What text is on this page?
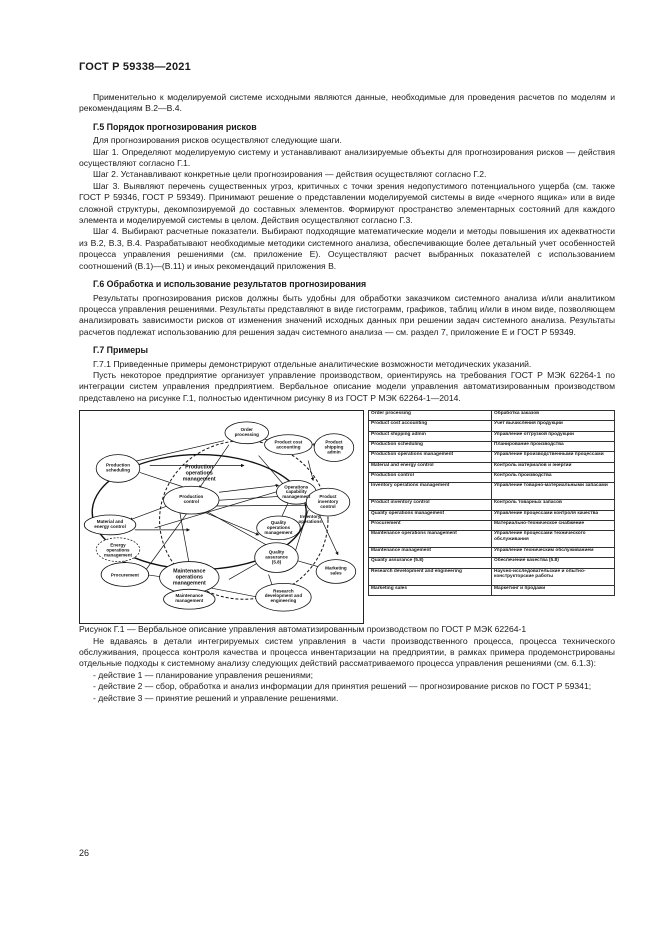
ГОСТ Р 59338—2021

Применительно к моделируемой системе исходными являются данные, необходимые для проведения расчетов по моделям и рекомендациям В.2—В.4.

Г.5 Порядок прогнозирования рисков

Для прогнозирования рисков осуществляют следующие шаги.

Шаг 1. Определяют моделируемую систему и устанавливают анализируемые объекты для прогнозирования рисков — действия осуществляют согласно Г.1.

Шаг 2. Устанавливают конкретные цели прогнозирования — действия осуществляют согласно Г.2.

Шаг 3. Выявляют перечень существенных угроз, критичных с точки зрения недопустимого потенциального ущерба (см. также ГОСТ Р 59346, ГОСТ Р 59349). Принимают решение о представлении моделируемой системы в виде «черного ящика» или в виде сложной структуры, декомпозируемой до составных элементов. Формируют пространство элементарных состояний для каждого элемента и моделируемой системы в целом. Действия осуществляют согласно Г.3.

Шаг 4. Выбирают расчетные показатели. Выбирают подходящие математические модели и методы повышения их адекватности из В.2, В.3, В.4. Разрабатывают необходимые методики системного анализа, обеспечивающие более детальный учет особенностей процесса управления решениями (см. приложение Е). Осуществляют расчет выбранных показателей с использованием соотношений (В.1)—(В.11) и иных рекомендаций приложения В.

Г.6 Обработка и использование результатов прогнозирования

Результаты прогнозирования рисков должны быть удобны для обработки заказчиком системного анализа и/или аналитиком процесса управления решениями. Результаты представляют в виде гистограмм, графиков, таблиц и/или в ином виде, позволяющем анализировать зависимости рисков от изменения значений исходных данных при решении задач системного анализа. Результаты расчетов подлежат использованию для решения задач системного анализа — см. раздел 7, приложение Е и ГОСТ Р 59349.

Г.7 Примеры

Г.7.1 Приведенные примеры демонстрируют отдельные аналитические возможности методических указаний.

Пусть некоторое предприятие организует управление производством, ориентируясь на требования ГОСТ Р МЭК 62264-1 по интеграции систем управления предприятием. Вербальное описание модели управления автоматизированным производством представлено на рисунке Г.1, полностью идентичном рисунку 8 из ГОСТ Р МЭК 62264-1—2014.

Order processing
Product cost accounting
Product shipping admin
Production scheduling	Production operations management
Production control
Operations capability management	Product inventory control
Material and energy control
Energy operations management
Quality operations management
Quality assurance (5.8)
Marketing sales
Procurement
Maintenance operations management
Maintenance management
Research development and engineering
Inventory operations
Order processing	Обработка заказов
Product cost accounting	Учет вычисления продукции
Product shipping admin	Управление отгрузкой продукции
Production scheduling	Планирование производства
Production operations management	Управление производственными процессами
Material and energy control	Контроль материалов и энергии
Production control	Контроль производства
Inventory operations management	Управление товарно-материальными запасами
Product inventory control	Контроль товарных запасов
Quality operations management	Управление процессами контроля качества
Procurement	Материально-техническое снабжение
Maintenance operations management	Управление процессами технического обслуживания
Maintenance management	Управление техническим обслуживанием
Quality assurance (5.8)	Обеспечение качества (5.8)
Research development and engineering	Научно-исследовательские и опытно-конструкторские работы
Marketing sales	Маркетинг и продажи

Рисунок Г.1 — Вербальное описание управления автоматизированным производством по ГОСТ Р МЭК 62264-1

Не вдаваясь в детали интегрируемых систем управления в части производственного процесса, процесса технического обслуживания, процесса контроля качества и процесса инвентаризации на предприятии, в рамках примера продемонстрированы отдельные подходы к системному анализу следующих действий рассматриваемого процесса управления решениями (см. 6.1.3):

- действие 1 — планирование управления решениями;

- действие 2 — сбор, обработка и анализ информации для принятия решений — прогнозирование рисков по ГОСТ Р 59341;

- действие 3 — принятие решений и управление решениями.

26
